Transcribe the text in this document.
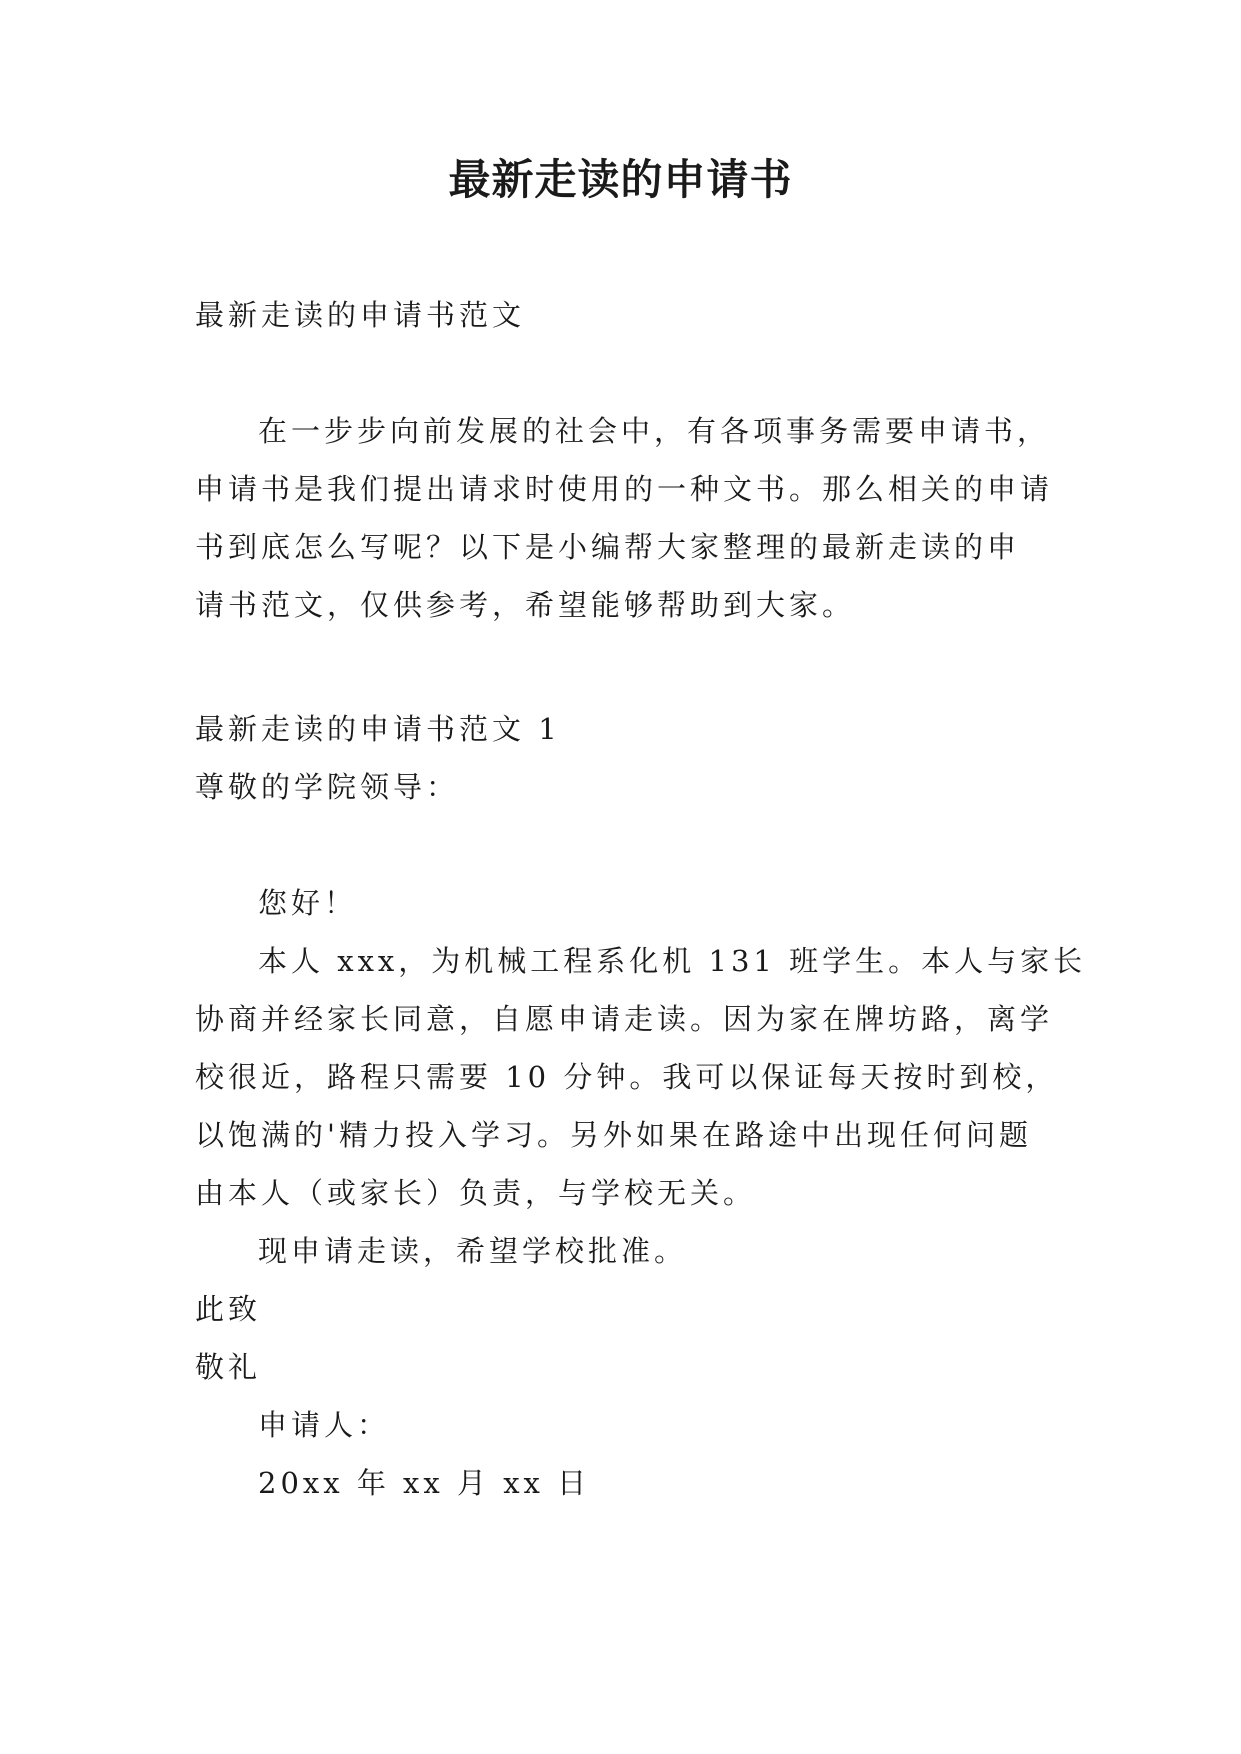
最新走读的申请书

最新走读的申请书范文

在一步步向前发展的社会中，有各项事务需要申请书，

申请书是我们提出请求时使用的一种文书。那么相关的申请

书到底怎么写呢？以下是小编帮大家整理的最新走读的申

请书范文，仅供参考，希望能够帮助到大家。

最新走读的申请书范文 1

尊敬的学院领导：

您好！

本人 xxx，为机械工程系化机 131 班学生。本人与家长

协商并经家长同意，自愿申请走读。因为家在牌坊路，离学

校很近，路程只需要 10 分钟。我可以保证每天按时到校，

以饱满的'精力投入学习。另外如果在路途中出现任何问题

由本人（或家长）负责，与学校无关。

现申请走读，希望学校批准。

此致

敬礼

申请人：

20xx 年 xx 月 xx 日
